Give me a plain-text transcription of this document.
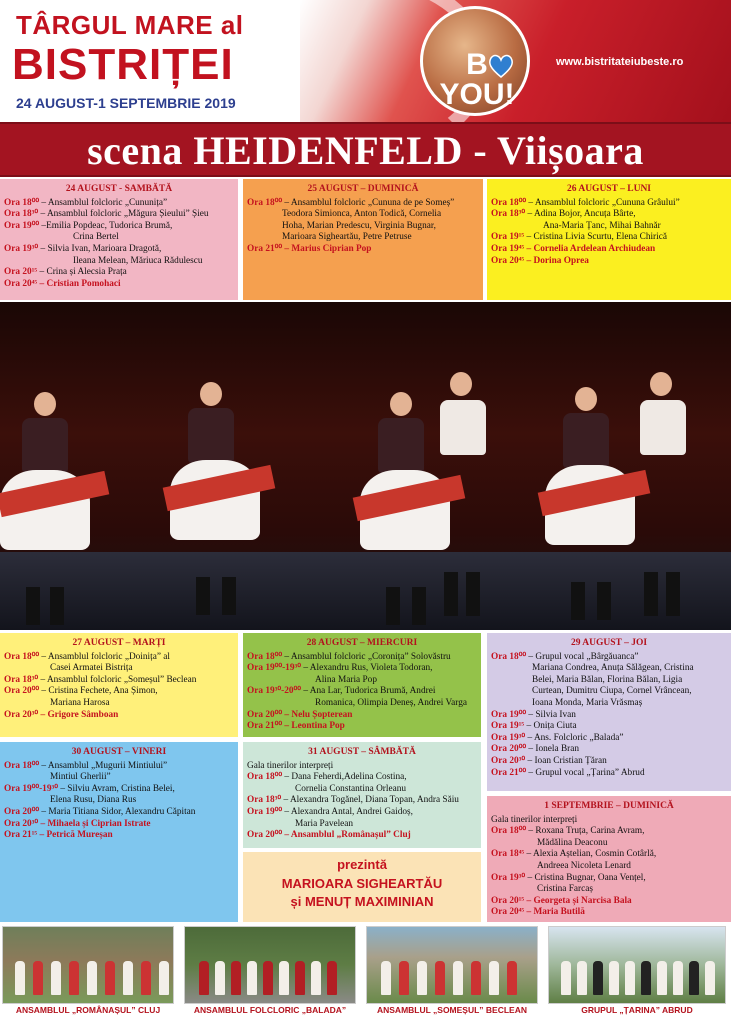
TÂRGUL MARE al
BISTRIȚEI
24 AUGUST-1 SEPTEMBRIE 2019
B YOU!
www.bistritateiubeste.ro
scena HEIDENFELD - Viișoara
24 AUGUST - SAMBĂTĂ
Ora 18⁰⁰ – Ansamblul folcloric „Cununița”
Ora 18³⁰ – Ansamblul folcloric „Măgura Șieului” Șieu
Ora 19⁰⁰ –Emilia Popdeac, Tudorica Brumă,
Crina Bertel
Ora 19³⁰ – Silvia Ivan, Marioara Dragotă,
Ileana Melean, Măriuca Rădulescu
Ora 20¹⁵ – Crina și Alecsia Prața
Ora 20⁴⁵ – Cristian Pomohaci
25 AUGUST – DUMINICĂ
Ora 18⁰⁰ – Ansamblul folcloric „Cununa de pe Someș”
Teodora Simionca, Anton Todică, Cornelia
Hoha, Marian Predescu, Virginia Bugnar,
Marioara Sigheartău, Petre Petruse
Ora 21⁰⁰ – Marius Ciprian Pop
26 AUGUST – LUNI
Ora 18⁰⁰ – Ansamblul folcloric „Cununa Grâului”
Ora 18³⁰ – Adina Bojor, Ancuța Bârte,
Ana-Maria Țanc, Mihai Bahnăr
Ora 19¹⁵ – Cristina Livia Scurtu, Elena Chirică
Ora 19⁴⁵ – Cornelia Ardelean Archiudean
Ora 20⁴⁵ – Dorina Oprea
27 AUGUST – MARȚI
Ora 18⁰⁰ – Ansamblul folcloric „Doinița” al
Casei Armatei Bistrița
Ora 18³⁰ – Ansamblul folcloric „Someșul” Beclean
Ora 20⁰⁰ – Cristina Fechete, Ana Șimon,
Mariana Harosa
Ora 20³⁰ – Grigore Sâmboan
28 AUGUST – MIERCURI
Ora 18⁰⁰ – Ansamblul folcloric „Coronița” Solovăstru
Ora 19⁰⁰-19³⁰ – Alexandru Rus, Violeta Todoran,
Alina Maria Pop
Ora 19³⁰-20⁰⁰ – Ana Lar, Tudorica Brumă, Andrei
Romanica, Olimpia Deneș, Andrei Varga
Ora 20⁰⁰ – Nelu Șopterean
Ora 21⁰⁰ – Leontina Pop
29 AUGUST – JOI
Ora 18⁰⁰ – Grupul vocal „Bârgăuanca”
Mariana Condrea, Anuța Sălăgean, Cristina
Belei, Maria Bălan, Florina Bălan, Ligia
Curtean, Dumitru Ciupa, Cornel Vrâncean,
Ioana Monda, Maria Vrăsmaș
Ora 19⁰⁰ – Silvia Ivan
Ora 19¹⁵ – Onița Ciuta
Ora 19³⁰ – Ans. Folcloric „Balada”
Ora 20⁰⁰ – Ionela Bran
Ora 20³⁰ – Ioan Cristian Țăran
Ora 21⁰⁰ – Grupul vocal „Țarina” Abrud
30 AUGUST – VINERI
Ora 18⁰⁰ – Ansamblul „Mugurii Mintiului”
Mintiul Gherlii”
Ora 19⁰⁰-19³⁰ – Silviu Avram, Cristina Belei,
Elena Rusu, Diana Rus
Ora 20⁰⁰ – Maria Titiana Sidor, Alexandru Căpitan
Ora 20³⁰ – Mihaela și Ciprian Istrate
Ora 21¹⁵ – Petrică Mureșan
31 AUGUST – SÂMBĂTĂ
Gala tinerilor interpreți
Ora 18⁰⁰ – Dana Feherdi,Adelina Costina,
Cornelia Constantina Orleanu
Ora 18³⁰ – Alexandra Togănel, Diana Topan, Andra Săiu
Ora 19⁰⁰ – Alexandra Antal, Andrei Gaidoș,
Maria Pavelean
Ora 20⁰⁰ – Ansamblul „Românașul” Cluj
prezintă
MARIOARA SIGHEARTĂU
și MENUȚ MAXIMINIAN
1 SEPTEMBRIE – DUMINICĂ
Gala tinerilor interpreți
Ora 18⁰⁰ – Roxana Truța, Carina Avram,
Mădălina Deaconu
Ora 18⁴⁵ – Alexia Aștelian, Cosmin Cotârlă,
Andreea Nicoleta Lenard
Ora 19³⁰ – Cristina Bugnar, Oana Vențel,
Cristina Farcaș
Ora 20¹⁵ – Georgeta și Narcisa Bala
Ora 20⁴⁵ – Maria Butilă
ANSAMBLUL „ROMÂNAȘUL” CLUJ	ANSAMBLUL FOLCLORIC „BALADA”	ANSAMBLUL „SOMEȘUL” BECLEAN	GRUPUL „ȚARINA” ABRUD
